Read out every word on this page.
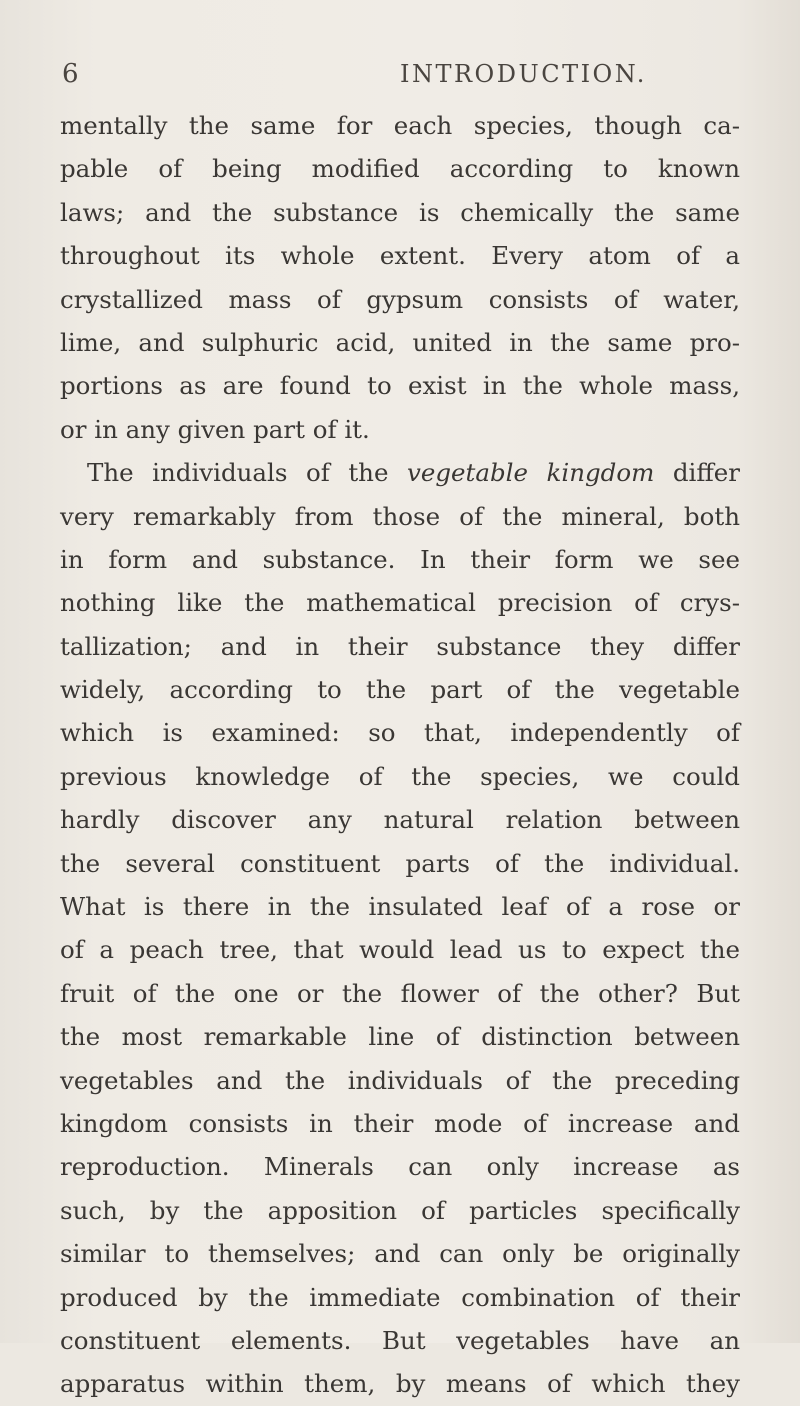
6	INTRODUCTION.
mentally the same for each species, though ca-
pable of being modified according to known
laws; and the substance is chemically the same
throughout its whole extent. Every atom of a
crystallized mass of gypsum consists of water,
lime, and sulphuric acid, united in the same pro-
portions as are found to exist in the whole mass,
or in any given part of it.
The individuals of the vegetable kingdom differ
very remarkably from those of the mineral, both
in form and substance. In their form we see
nothing like the mathematical precision of crys-
tallization; and in their substance they differ
widely, according to the part of the vegetable
which is examined: so that, independently of
previous knowledge of the species, we could
hardly discover any natural relation between
the several constituent parts of the individual.
What is there in the insulated leaf of a rose or
of a peach tree, that would lead us to expect the
fruit of the one or the flower of the other? But
the most remarkable line of distinction between
vegetables and the individuals of the preceding
kingdom consists in their mode of increase and
reproduction. Minerals can only increase as
such, by the apposition of particles specifically
similar to themselves; and can only be originally
produced by the immediate combination of their
constituent elements. But vegetables have an
apparatus within them, by means of which they
